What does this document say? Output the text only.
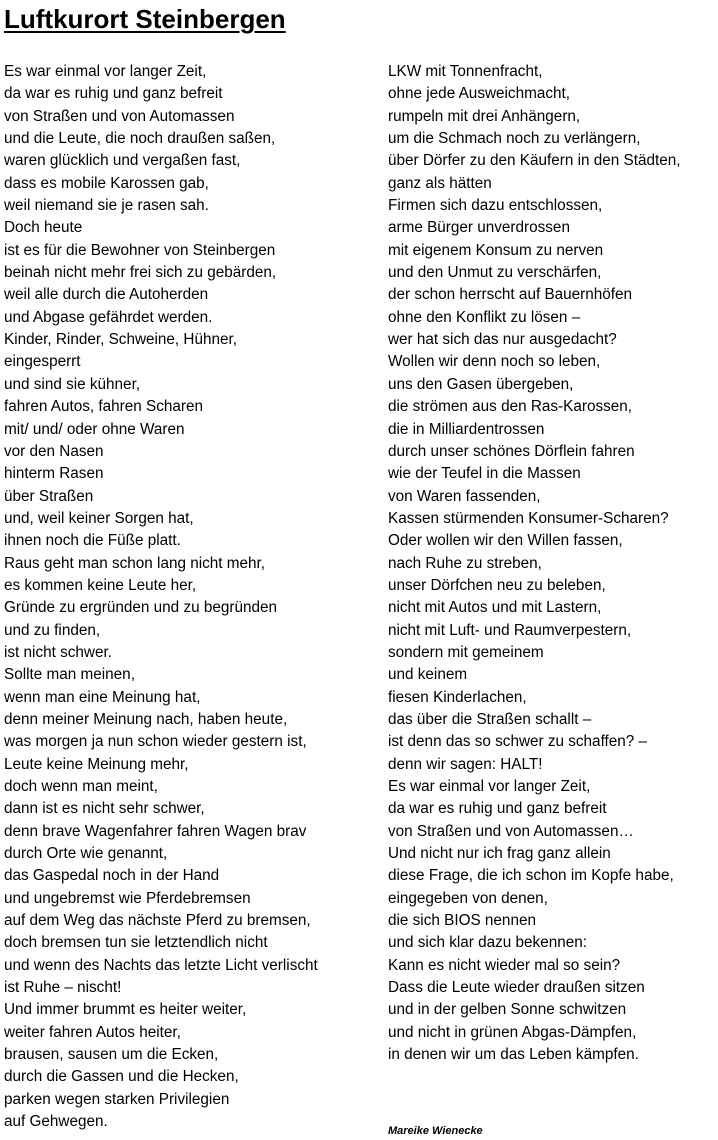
Luftkurort Steinbergen
Es war einmal vor langer Zeit,
da war es ruhig und ganz befreit
von Straßen und von Automassen
und die Leute, die noch draußen saßen,
waren glücklich und vergaßen fast,
dass es mobile Karossen gab,
weil niemand sie je rasen sah.
Doch heute
ist es für die Bewohner von Steinbergen
beinah nicht mehr frei sich zu gebärden,
weil alle durch die Autoherden
und Abgase gefährdet werden.
Kinder, Rinder, Schweine, Hühner,
eingesperrt
und sind sie kühner,
fahren Autos, fahren Scharen
mit/ und/ oder ohne Waren
vor den Nasen
hinterm Rasen
über Straßen
und, weil keiner Sorgen hat,
ihnen noch die Füße platt.
Raus geht man schon lang nicht mehr,
es kommen keine Leute her,
Gründe zu ergründen und zu begründen
und zu finden,
ist nicht schwer.
Sollte man meinen,
wenn man eine Meinung hat,
denn meiner Meinung nach, haben heute,
was morgen ja nun schon wieder gestern ist,
Leute keine Meinung mehr,
doch wenn man meint,
dann ist es nicht sehr schwer,
denn brave Wagenfahrer fahren Wagen brav
durch Orte wie genannt,
das Gaspedal noch in der Hand
und ungebremst wie Pferdebremsen
auf dem Weg das nächste Pferd zu bremsen,
doch bremsen tun sie letztendlich nicht
und wenn des Nachts das letzte Licht verlischt
ist Ruhe – nischt!
Und immer brummt es heiter weiter,
weiter fahren Autos heiter,
brausen, sausen um die Ecken,
durch die Gassen und die Hecken,
parken wegen starken Privilegien
auf Gehwegen.
LKW mit Tonnenfracht,
ohne jede Ausweichmacht,
rumpeln mit drei Anhängern,
um die Schmach noch zu verlängern,
über Dörfer zu den Käufern in den Städten,
ganz als hätten
Firmen sich dazu entschlossen,
arme Bürger unverdrossen
mit eigenem Konsum zu nerven
und den Unmut zu verschärfen,
der schon herrscht auf Bauernhöfen
ohne den Konflikt zu lösen –
wer hat sich das nur ausgedacht?
Wollen wir denn noch so leben,
uns den Gasen übergeben,
die strömen aus den Ras-Karossen,
die in Milliardentrossen
durch unser schönes Dörflein fahren
wie der Teufel in die Massen
von Waren fassenden,
Kassen stürmenden Konsumer-Scharen?
Oder wollen wir den Willen fassen,
nach Ruhe zu streben,
unser Dörfchen neu zu beleben,
nicht mit Autos und mit Lastern,
nicht mit Luft- und Raumverpestern,
sondern mit gemeinem
und keinem
fiesen Kinderlachen,
das über die Straßen schallt –
ist denn das so schwer zu schaffen? –
denn wir sagen: HALT!
Es war einmal vor langer Zeit,
da war es ruhig und ganz befreit
von Straßen und von Automassen…
Und nicht nur ich frag ganz allein
diese Frage, die ich schon im Kopfe habe,
eingegeben von denen,
die sich BIOS nennen
und sich klar dazu bekennen:
Kann es nicht wieder mal so sein?
Dass die Leute wieder draußen sitzen
und in der gelben Sonne schwitzen
und nicht in grünen Abgas-Dämpfen,
in denen wir um das Leben kämpfen.
Mareike Wienecke
